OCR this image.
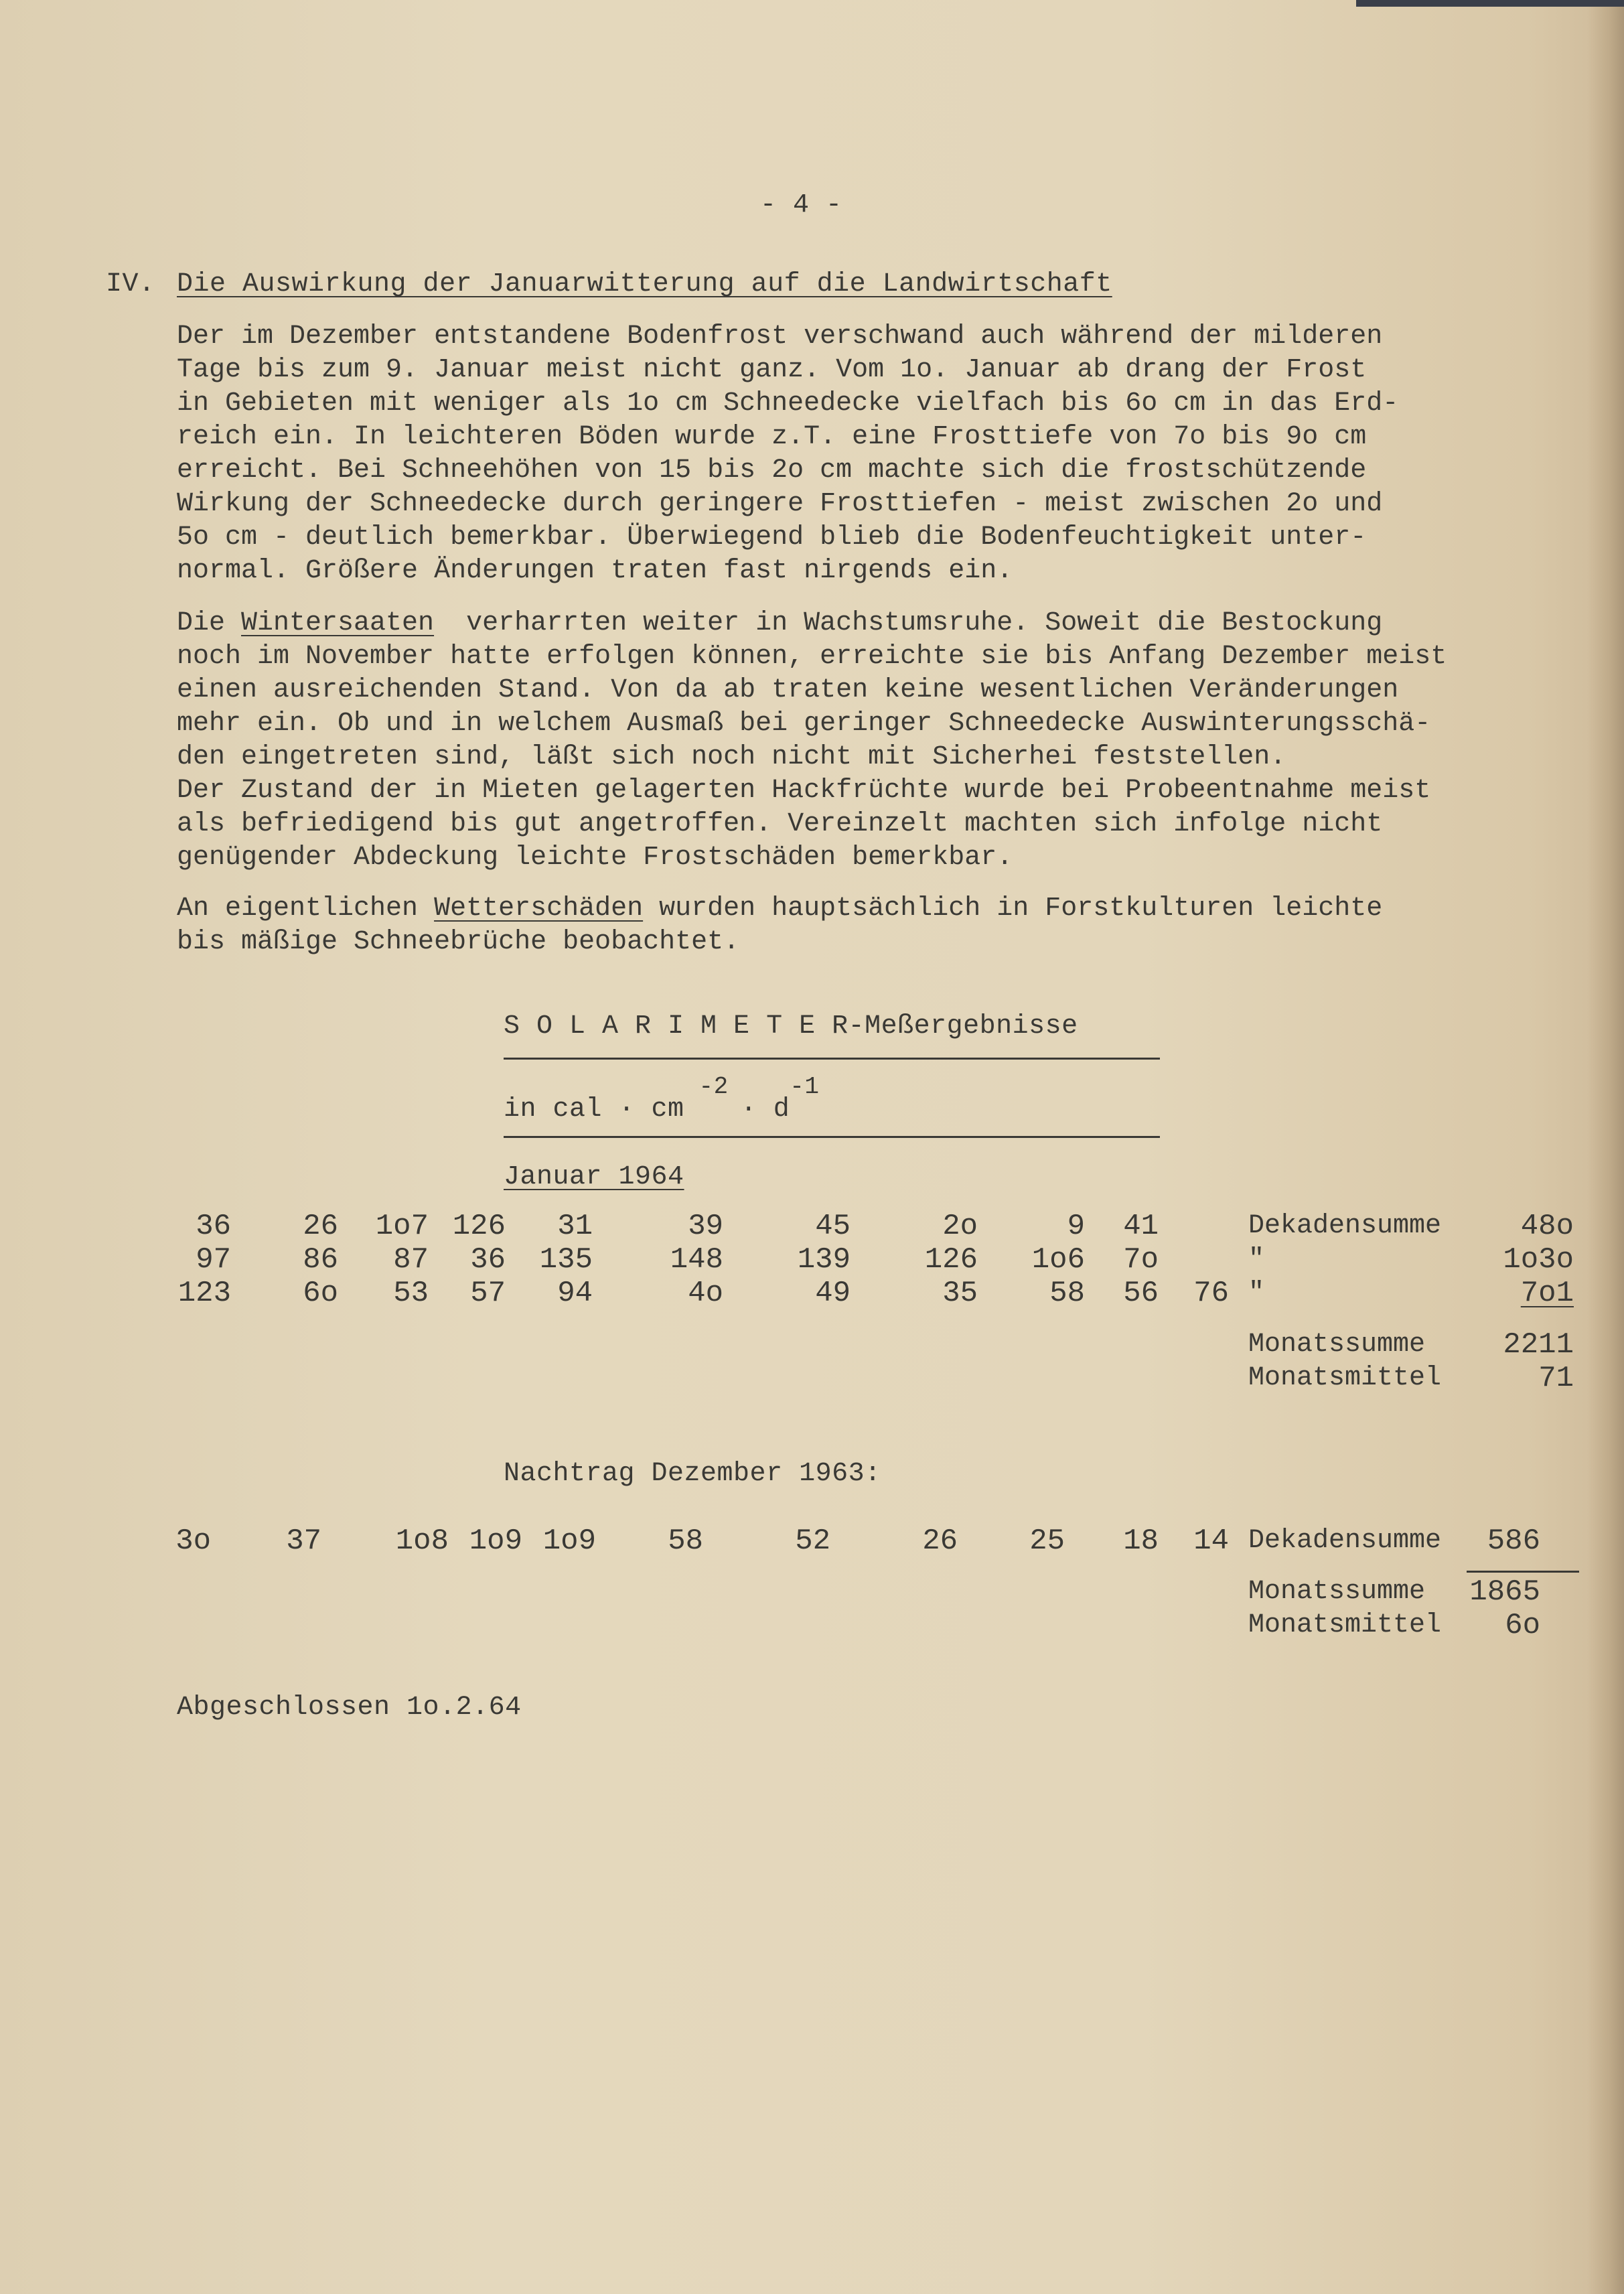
- 4 -
IV. Die Auswirkung der Januarwitterung auf die Landwirtschaft
Der im Dezember entstandene Bodenfrost verschwand auch während der milderen
Tage bis zum 9. Januar meist nicht ganz. Vom 1o. Januar ab drang der Frost
in Gebieten mit weniger als 1o cm Schneedecke vielfach bis 6o cm in das Erd-
reich ein. In leichteren Böden wurde z.T. eine Frosttiefe von 7o bis 9o cm
erreicht. Bei Schneehöhen von 15 bis 2o cm machte sich die frostschützende
Wirkung der Schneedecke durch geringere Frosttiefen - meist zwischen 2o und
5o cm - deutlich bemerkbar. Überwiegend blieb die Bodenfeuchtigkeit unter-
normal. Größere Änderungen traten fast nirgends ein.
Die Wintersaaten  verharrten weiter in Wachstumsruhe. Soweit die Bestockung
noch im November hatte erfolgen können, erreichte sie bis Anfang Dezember meist
einen ausreichenden Stand. Von da ab traten keine wesentlichen Veränderungen
mehr ein. Ob und in welchem Ausmaß bei geringer Schneedecke Auswinterungsschä-
den eingetreten sind, läßt sich noch nicht mit Sicherhei feststellen.
Der Zustand der in Mieten gelagerten Hackfrüchte wurde bei Probeentnahme meist
als befriedigend bis gut angetroffen. Vereinzelt machten sich infolge nicht
genügender Abdeckung leichte Frostschäden bemerkbar.
An eigentlichen Wetterschäden wurden hauptsächlich in Forstkulturen leichte
bis mäßige Schneebrüche beobachtet.
S O L A R I M E T E R-Meßergebnisse
in cal · cm-2· d-1
Januar 1964
36	26	1o7 126	31	39	45	2o	9	41	Dekadensumme	48o
97	86	87	36	135	148	139	126	1o6	7o	"	1o3o
123	6o	53	57	94	4o	49	35	58	56	76 "	7o1
Monatssumme	2211
Monatsmittel	71
Nachtrag Dezember 1963:
3o	37	1o8 1o9 1o9	58	52	26	25	18	14 Dekadensumme	586
Monatssumme	1865
Monatsmittel	6o
Abgeschlossen 1o.2.64
